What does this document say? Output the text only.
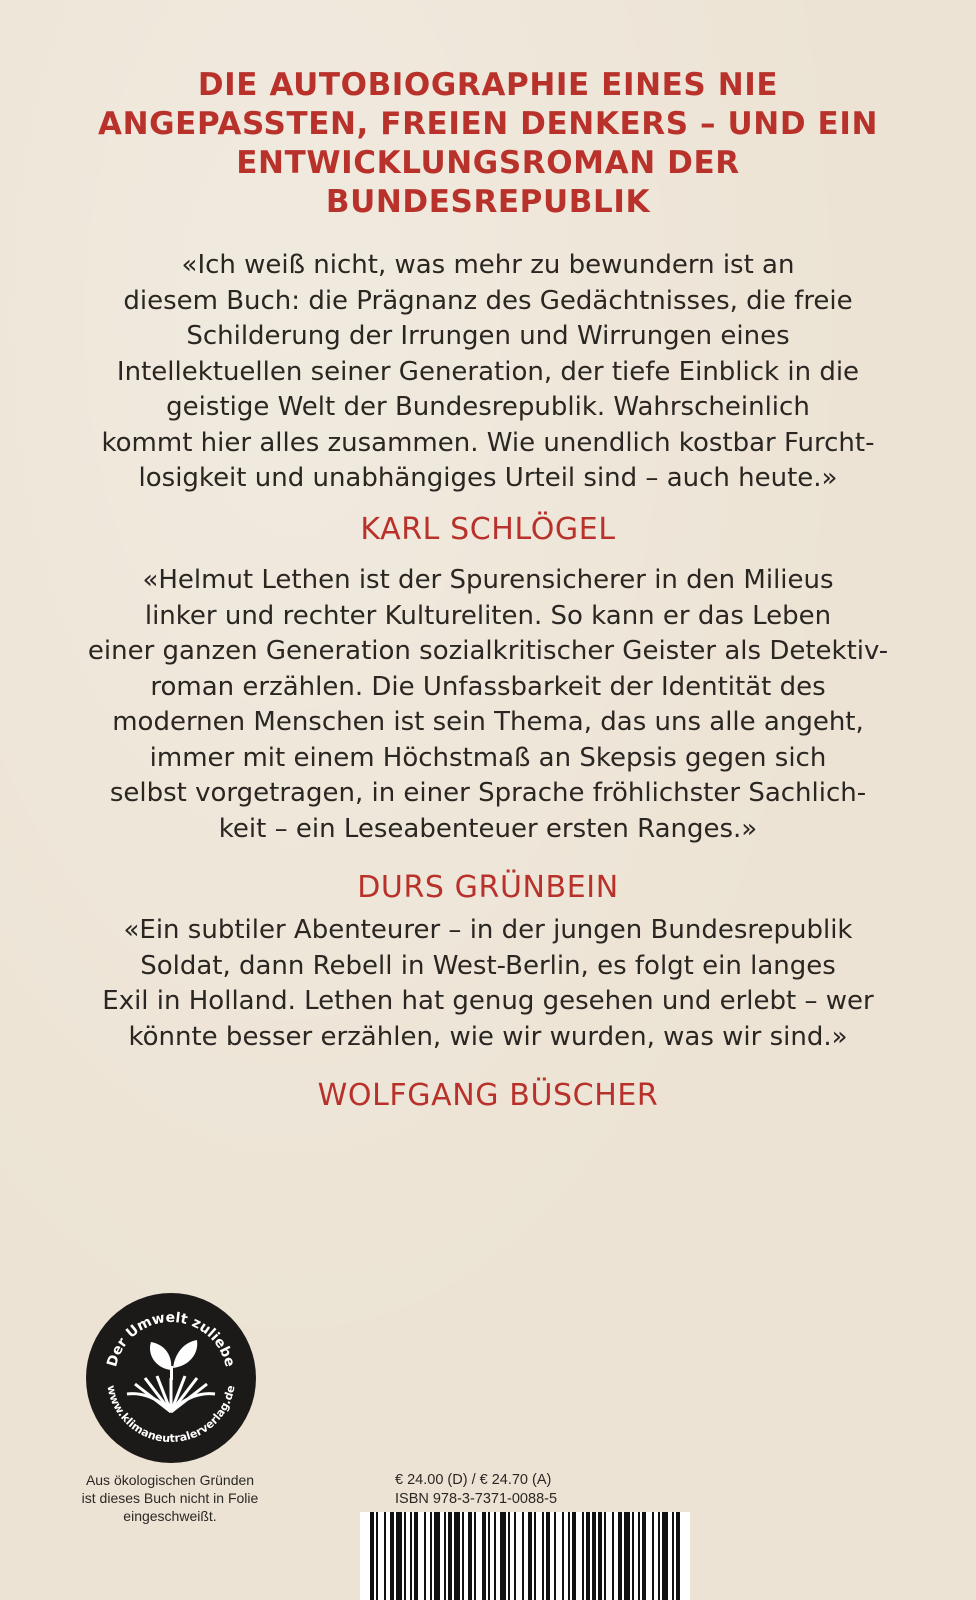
DIE AUTOBIOGRAPHIE EINES NIE
ANGEPASSTEN, FREIEN DENKERS – UND EIN
ENTWICKLUNGSROMAN DER
BUNDESREPUBLIK

«Ich weiß nicht, was mehr zu bewundern ist an
diesem Buch: die Prägnanz des Gedächtnisses, die freie
Schilderung der Irrungen und Wirrungen eines
Intellektuellen seiner Generation, der tiefe Einblick in die
geistige Welt der Bundesrepublik. Wahrscheinlich
kommt hier alles zusammen. Wie unendlich kostbar Furcht-
losigkeit und unabhängiges Urteil sind – auch heute.»

KARL SCHLÖGEL

«Helmut Lethen ist der Spurensicherer in den Milieus
linker und rechter Kultureliten. So kann er das Leben
einer ganzen Generation sozialkritischer Geister als Detektiv-
roman erzählen. Die Unfassbarkeit der Identität des
modernen Menschen ist sein Thema, das uns alle angeht,
immer mit einem Höchstmaß an Skepsis gegen sich
selbst vorgetragen, in einer Sprache fröhlichster Sachlich-
keit – ein Leseabenteuer ersten Ranges.»

DURS GRÜNBEIN

«Ein subtiler Abenteurer – in der jungen Bundesrepublik
Soldat, dann Rebell in West-Berlin, es folgt ein langes
Exil in Holland. Lethen hat genug gesehen und erlebt – wer
könnte besser erzählen, wie wir wurden, was wir sind.»

WOLFGANG BÜSCHER

Der Umwelt zuliebe
www.klimaneutralerverlag.de
Aus ökologischen Gründen
ist dieses Buch nicht in Folie
eingeschweißt.
€ 24.00 (D) / € 24.70 (A)
ISBN 978-3-7371-0088-5
